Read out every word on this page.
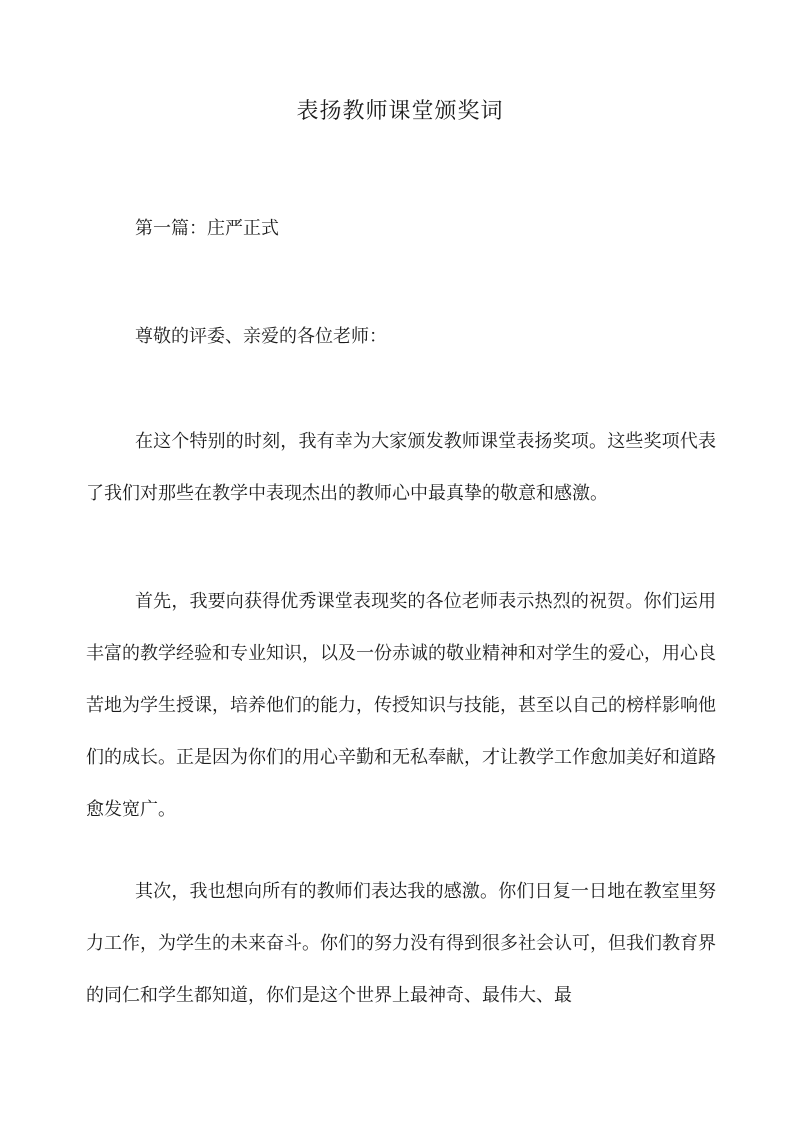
表扬教师课堂颁奖词
第一篇：庄严正式
尊敬的评委、亲爱的各位老师：

在这个特别的时刻，我有幸为大家颁发教师课堂表扬奖项。这些奖项代表了我们对那些在教学中表现杰出的教师心中最真挚的敬意和感激。

首先，我要向获得优秀课堂表现奖的各位老师表示热烈的祝贺。你们运用丰富的教学经验和专业知识，以及一份赤诚的敬业精神和对学生的爱心，用心良苦地为学生授课，培养他们的能力，传授知识与技能，甚至以自己的榜样影响他们的成长。正是因为你们的用心辛勤和无私奉献，才让教学工作愈加美好和道路愈发宽广。

其次，我也想向所有的教师们表达我的感激。你们日复一日地在教室里努力工作，为学生的未来奋斗。你们的努力没有得到很多社会认可，但我们教育界的同仁和学生都知道，你们是这个世界上最神奇、最伟大、最
